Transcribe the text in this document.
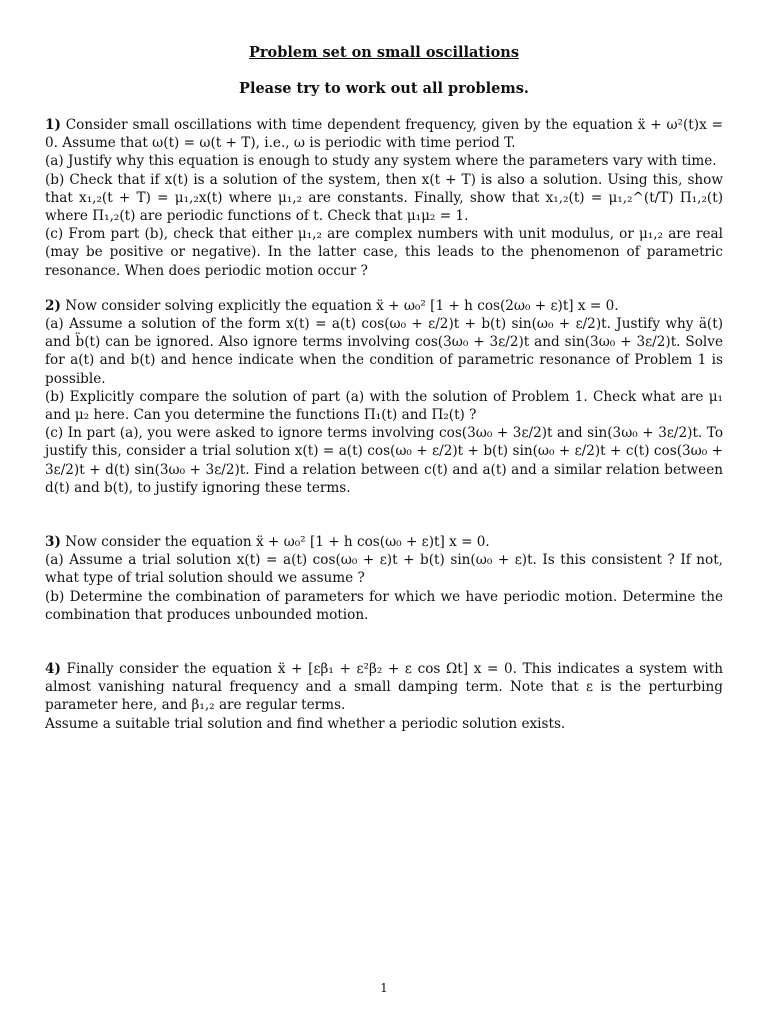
Problem set on small oscillations
Please try to work out all problems.

1) Consider small oscillations with time dependent frequency, given by the equation ẍ + ω²(t)x = 0. Assume that ω(t) = ω(t + T), i.e., ω is periodic with time period T.

(a) Justify why this equation is enough to study any system where the parameters vary with time.

(b) Check that if x(t) is a solution of the system, then x(t + T) is also a solution. Using this, show that x₁,₂(t + T) = μ₁,₂x(t) where μ₁,₂ are constants. Finally, show that x₁,₂(t) = μ₁,₂^(t/T) Π₁,₂(t) where Π₁,₂(t) are periodic functions of t. Check that μ₁μ₂ = 1.

(c) From part (b), check that either μ₁,₂ are complex numbers with unit modulus, or μ₁,₂ are real (may be positive or negative). In the latter case, this leads to the phenomenon of parametric resonance. When does periodic motion occur ?

2) Now consider solving explicitly the equation ẍ + ω₀² [1 + h cos(2ω₀ + ε)t] x = 0.

(a) Assume a solution of the form x(t) = a(t) cos(ω₀ + ε/2)t + b(t) sin(ω₀ + ε/2)t. Justify why ä(t) and b̈(t) can be ignored. Also ignore terms involving cos(3ω₀ + 3ε/2)t and sin(3ω₀ + 3ε/2)t. Solve for a(t) and b(t) and hence indicate when the condition of parametric resonance of Problem 1 is possible.

(b) Explicitly compare the solution of part (a) with the solution of Problem 1. Check what are μ₁ and μ₂ here. Can you determine the functions Π₁(t) and Π₂(t) ?

(c) In part (a), you were asked to ignore terms involving cos(3ω₀ + 3ε/2)t and sin(3ω₀ + 3ε/2)t. To justify this, consider a trial solution x(t) = a(t) cos(ω₀ + ε/2)t + b(t) sin(ω₀ + ε/2)t + c(t) cos(3ω₀ + 3ε/2)t + d(t) sin(3ω₀ + 3ε/2)t. Find a relation between c(t) and a(t) and a similar relation between d(t) and b(t), to justify ignoring these terms.

3) Now consider the equation ẍ + ω₀² [1 + h cos(ω₀ + ε)t] x = 0.

(a) Assume a trial solution x(t) = a(t) cos(ω₀ + ε)t + b(t) sin(ω₀ + ε)t. Is this consistent ? If not, what type of trial solution should we assume ?

(b) Determine the combination of parameters for which we have periodic motion. Determine the combination that produces unbounded motion.

4) Finally consider the equation ẍ + [εβ₁ + ε²β₂ + ε cos Ωt] x = 0. This indicates a system with almost vanishing natural frequency and a small damping term. Note that ε is the perturbing parameter here, and β₁,₂ are regular terms.

Assume a suitable trial solution and find whether a periodic solution exists.

1
